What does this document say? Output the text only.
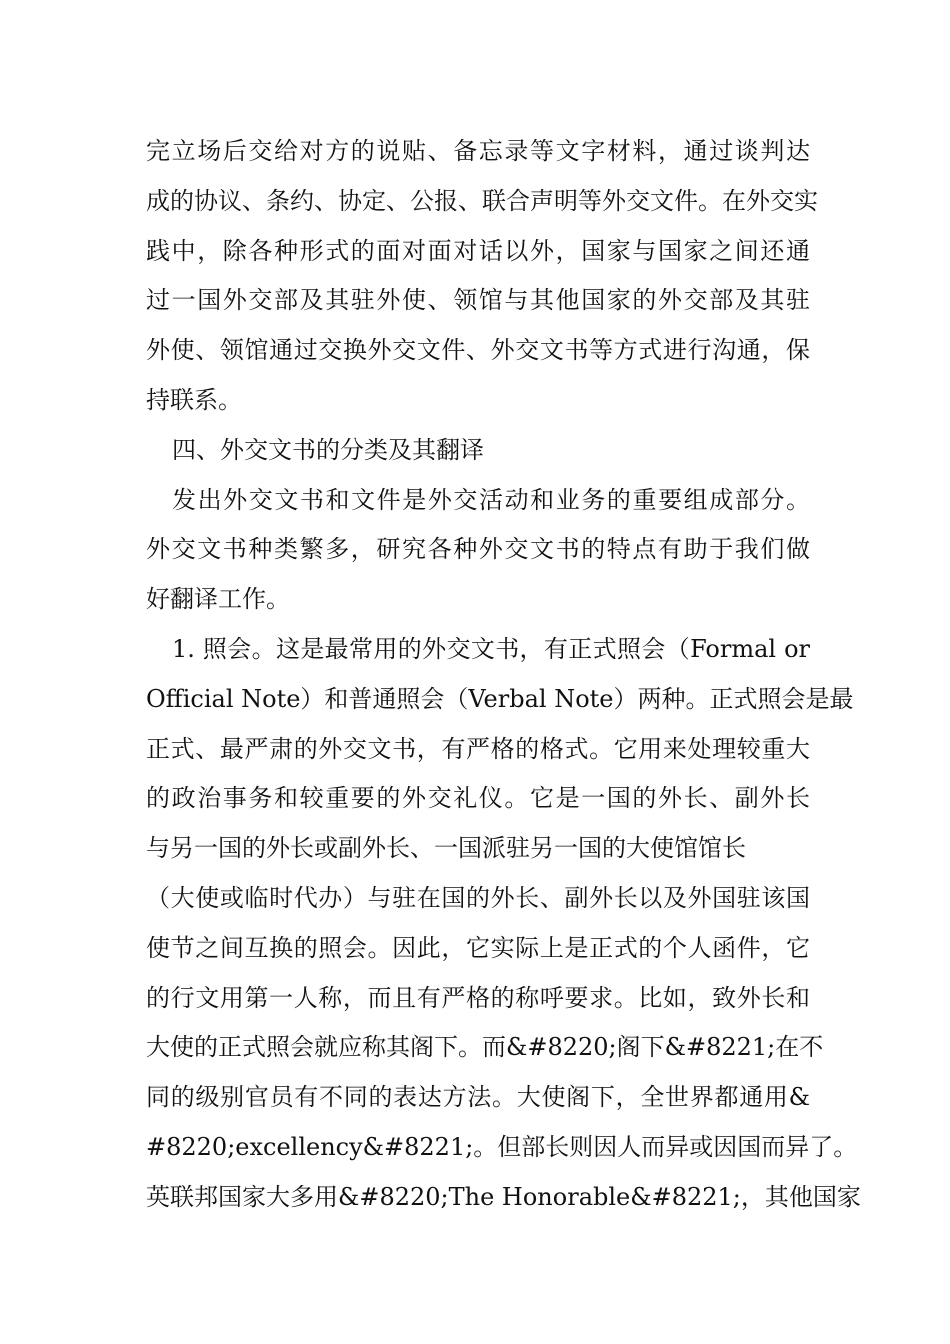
完立场后交给对方的说贴、备忘录等文字材料，通过谈判达
成的协议、条约、协定、公报、联合声明等外交文件。在外交实
践中，除各种形式的面对面对话以外，国家与国家之间还通
过一国外交部及其驻外使、领馆与其他国家的外交部及其驻
外使、领馆通过交换外交文件、外交文书等方式进行沟通，保
持联系。
四、外交文书的分类及其翻译
发出外交文书和文件是外交活动和业务的重要组成部分。
外交文书种类繁多，研究各种外交文书的特点有助于我们做
好翻译工作。
1. 照会。这是最常用的外交文书，有正式照会（Formal or
Official Note）和普通照会（Verbal Note）两种。正式照会是最
正式、最严肃的外交文书，有严格的格式。它用来处理较重大
的政治事务和较重要的外交礼仪。它是一国的外长、副外长
与另一国的外长或副外长、一国派驻另一国的大使馆馆长
（大使或临时代办）与驻在国的外长、副外长以及外国驻该国
使节之间互换的照会。因此，它实际上是正式的个人函件，它
的行文用第一人称，而且有严格的称呼要求。比如，致外长和
大使的正式照会就应称其阁下。而&#8220;阁下&#8221;在不
同的级别官员有不同的表达方法。大使阁下，全世界都通用&
#8220;excellency&#8221;。但部长则因人而异或因国而异了。
英联邦国家大多用&#8220;The Honorable&#8221;，其他国家
